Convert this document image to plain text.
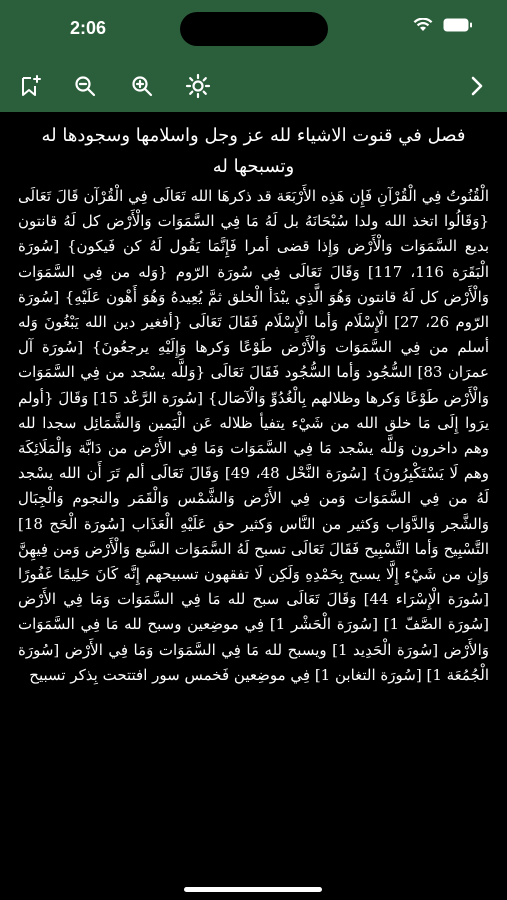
2:06
فصل في قنوت الاشياء لله عز وجل واسلامها وسجودها له وتسبحها له
الْقُنُوتُ فِي الْقُرْآنِ فَإِن هَذِه الأَرْبَعَة قد ذكرهَا الله تَعَالَى فِي الْقُرْآن قَالَ تَعَالَى {وَقَالُوا اتخذ الله ولدا سُبْحَانَهُ بل لَهُ مَا فِي السَّمَوَات وَالْأَرْض كل لَهُ قانتون بديع السَّمَوَات وَالْأَرْض وَإِذا قضى أمرا فَإِنَّمَا يَقُول لَهُ كن فَيكون} [سُورَة الْبَقَرَة 116، 117] وَقَالَ تَعَالَى فِي سُورَة الرّوم {وَله من فِي السَّمَوَات وَالْأَرْض كل لَهُ قانتون وَهُوَ الَّذِي يبْدَأ الْخلق ثمَّ يُعِيدهُ وَهُوَ أَهْون عَلَيْهِ} [سُورَة الرّوم 26، 27] الْإِسْلَام وَأما الْإِسْلَام فَقَالَ تَعَالَى {أفغير دين الله يَبْغُونَ وَله أسلم من فِي السَّمَوَات وَالْأَرْض طَوْعًا وَكرها وَإِلَيْهِ يرجعُونَ} [سُورَة آل عمرَان 83] السُّجُود وَأما السُّجُود فَقَالَ تَعَالَى {وَللَّه يسْجد من فِي السَّمَوَات وَالْأَرْض طَوْعًا وَكرها وظلالهم بِالْغُدُوِّ وَالْآصَال} [سُورَة الرَّعْد 15] وَقَالَ {أولم يرَوا إِلَى مَا خلق الله من شَيْء يتفيأ ظلاله عَن الْيَمين وَالشَّمَائِل سجدا لله وهم داخرون وَللَّه يسْجد مَا فِي السَّمَوَات وَمَا فِي الأَرْض من دَابَّة وَالْمَلَائِكَة وهم لَا يَسْتَكْبِرُونَ} [سُورَة النَّحْل 48، 49] وَقَالَ تَعَالَى ألم تَرَ أَن الله يسْجد لَهُ من فِي السَّمَوَات وَمن فِي الأَرْض وَالشَّمْس وَالْقَمَر والنجوم وَالْجِبَال وَالشَّجر وَالدَّوَاب وَكثير من النَّاس وَكثير حق عَلَيْهِ الْعَذَاب [سُورَة الْحَج 18] التَّسْبِيح وَأما التَّسْبِيح فَقَالَ تَعَالَى تسبح لَهُ السَّمَوَات السَّبع وَالْأَرْض وَمن فِيهِنَّ وَإِن من شَيْء إِلَّا يسبح بِحَمْدِهِ وَلَكِن لَا تفقهون تسبيحهم إِنَّه كَانَ حَلِيمًا غَفُورًا [سُورَة الْإِسْرَاء 44] وَقَالَ تَعَالَى سبح لله مَا فِي السَّمَوَات وَمَا فِي الأَرْض [سُورَة الصَّفّ 1] [سُورَة الْحَشْر 1] فِي موضِعين وسبح لله مَا فِي السَّمَوَات وَالأَرْض [سُورَة الْحَدِيد 1] ويسبح لله مَا فِي السَّمَوَات وَمَا فِي الأَرْض [سُورَة الْجُمُعَة 1] [سُورَة التغابن 1] فِي موضِعين فَخمس سور افتتحت بِذكر تسبيح
